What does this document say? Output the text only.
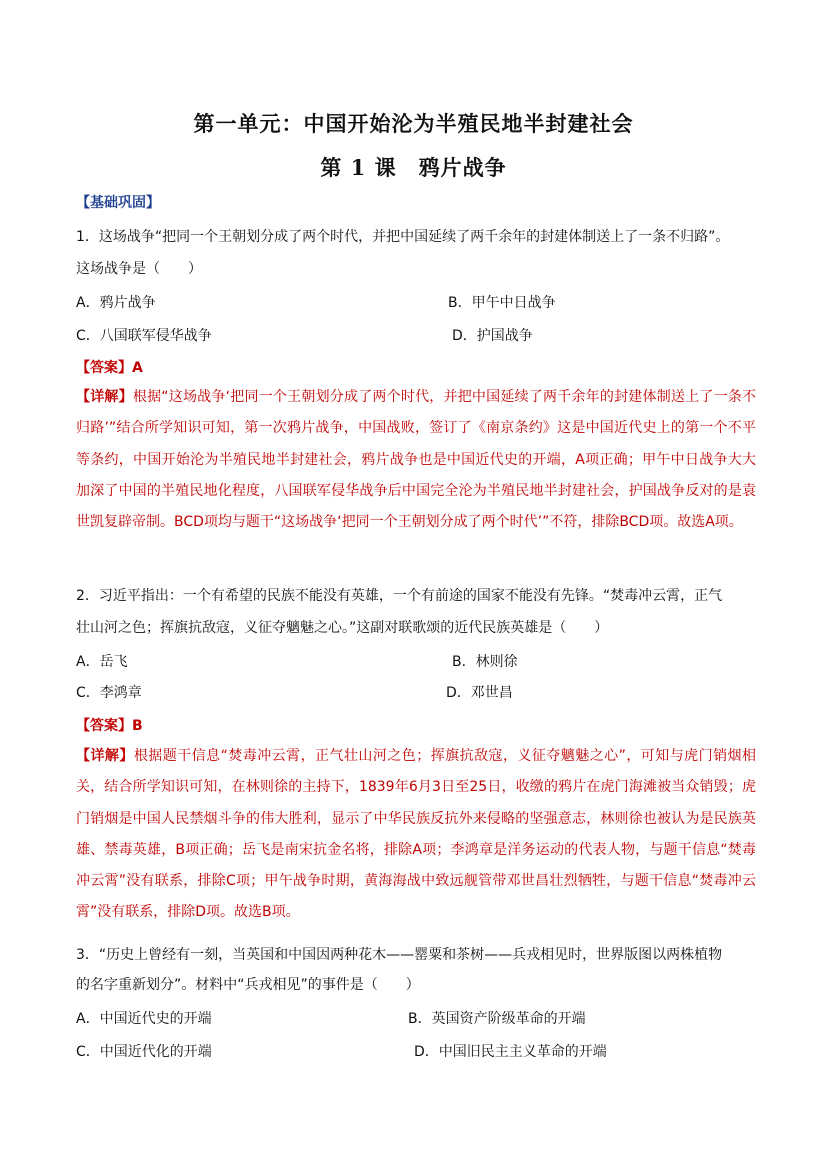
第一单元：中国开始沦为半殖民地半封建社会
第 1 课　鸦片战争
【基础巩固】
1．这场战争“把同一个王朝划分成了两个时代，并把中国延续了两千余年的封建体制送上了一条不归路”。
这场战争是（　　）
A．鸦片战争	B．甲午中日战争
C．八国联军侵华战争	D．护国战争
【答案】A
【详解】根据“这场战争‘把同一个王朝划分成了两个时代，并把中国延续了两千余年的封建体制送上了一条不归路’”结合所学知识可知，第一次鸦片战争，中国战败，签订了《南京条约》这是中国近代史上的第一个不平等条约，中国开始沦为半殖民地半封建社会，鸦片战争也是中国近代史的开端，A项正确；甲午中日战争大大加深了中国的半殖民地化程度，八国联军侵华战争后中国完全沦为半殖民地半封建社会，护国战争反对的是袁世凯复辟帝制。BCD项均与题干“这场战争‘把同一个王朝划分成了两个时代’”不符，排除BCD项。故选A项。
2．习近平指出：一个有希望的民族不能没有英雄，一个有前途的国家不能没有先锋。“焚毒冲云霄，正气
壮山河之色；挥旗抗敌寇，义征夺魑魅之心。”这副对联歌颂的近代民族英雄是（　　）
A．岳飞	B．林则徐
C．李鸿章	D．邓世昌
【答案】B
【详解】根据题干信息“焚毒冲云霄，正气壮山河之色；挥旗抗敌寇，义征夺魑魅之心”，可知与虎门销烟相关，结合所学知识可知，在林则徐的主持下，1839年6月3日至25日，收缴的鸦片在虎门海滩被当众销毁；虎门销烟是中国人民禁烟斗争的伟大胜利，显示了中华民族反抗外来侵略的坚强意志，林则徐也被认为是民族英雄、禁毒英雄，B项正确；岳飞是南宋抗金名将，排除A项；李鸿章是洋务运动的代表人物，与题干信息“焚毒冲云霄”没有联系，排除C项；甲午战争时期，黄海海战中致远舰管带邓世昌壮烈牺牲，与题干信息“焚毒冲云霄”没有联系，排除D项。故选B项。
3．“历史上曾经有一刻，当英国和中国因两种花木——罂粟和茶树——兵戎相见时，世界版图以两株植物
的名字重新划分”。材料中“兵戎相见”的事件是（　　）
A．中国近代史的开端	B．英国资产阶级革命的开端
C．中国近代化的开端	D．中国旧民主主义革命的开端
